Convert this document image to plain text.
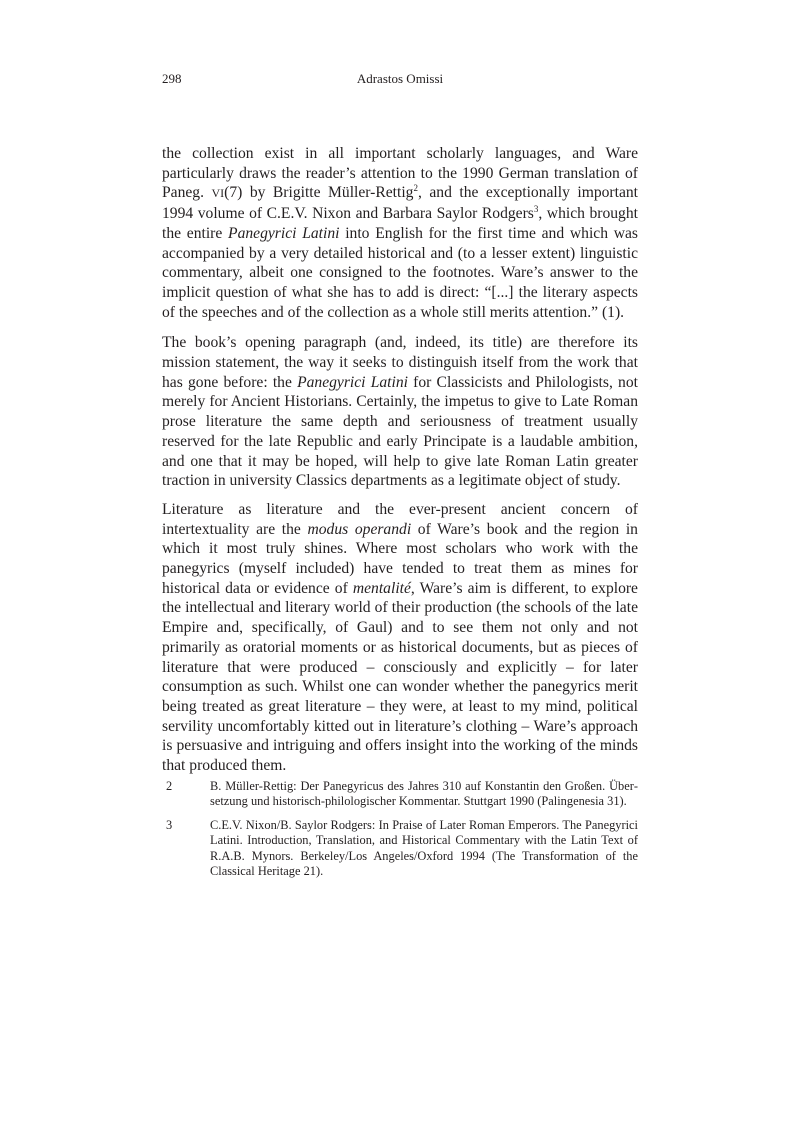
298	Adrastos Omissi

the collection exist in all important scholarly languages, and Ware particularly draws the reader’s attention to the 1990 German translation of Paneg. VI(7) by Brigitte Müller-Rettig$^2$, and the exceptionally important 1994 volume of C.E.V. Nixon and Barbara Saylor Rodgers$^3$, which brought the entire Panegyrici Latini into English for the first time and which was accompanied by a very detailed historical and (to a lesser extent) linguistic commentary, albeit one consigned to the footnotes. Ware’s answer to the implicit question of what she has to add is direct: “[...] the literary aspects of the speeches and of the collection as a whole still merits attention.” (1).

The book’s opening paragraph (and, indeed, its title) are therefore its mission statement, the way it seeks to distinguish itself from the work that has gone before: the Panegyrici Latini for Classicists and Philologists, not merely for Ancient Historians. Certainly, the impetus to give to Late Roman prose literature the same depth and seriousness of treatment usually reserved for the late Republic and early Principate is a laudable ambition, and one that it may be hoped, will help to give late Roman Latin greater traction in university Classics departments as a legitimate object of study.

Literature as literature and the ever-present ancient concern of intertextuality are the modus operandi of Ware’s book and the region in which it most truly shines. Where most scholars who work with the panegyrics (myself included) have tended to treat them as mines for historical data or evidence of mentalité, Ware’s aim is different, to explore the intellectual and literary world of their production (the schools of the late Empire and, specifically, of Gaul) and to see them not only and not primarily as oratorial moments or as historical documents, but as pieces of literature that were produced – consciously and explicitly – for later consumption as such. Whilst one can wonder whether the panegyrics merit being treated as great literature – they were, at least to my mind, political servility uncomfortably kitted out in literature’s clothing – Ware’s approach is persuasive and intriguing and offers insight into the working of the minds that produced them.

2	B. Müller-Rettig: Der Panegyricus des Jahres 310 auf Konstantin den Großen. Übersetzung und historisch-philologischer Kommentar. Stuttgart 1990 (Palingenesia 31).
3	C.E.V. Nixon/B. Saylor Rodgers: In Praise of Later Roman Emperors. The Panegyrici Latini. Introduction, Translation, and Historical Commentary with the Latin Text of R.A.B. Mynors. Berkeley/Los Angeles/Oxford 1994 (The Transformation of the Classical Heritage 21).
